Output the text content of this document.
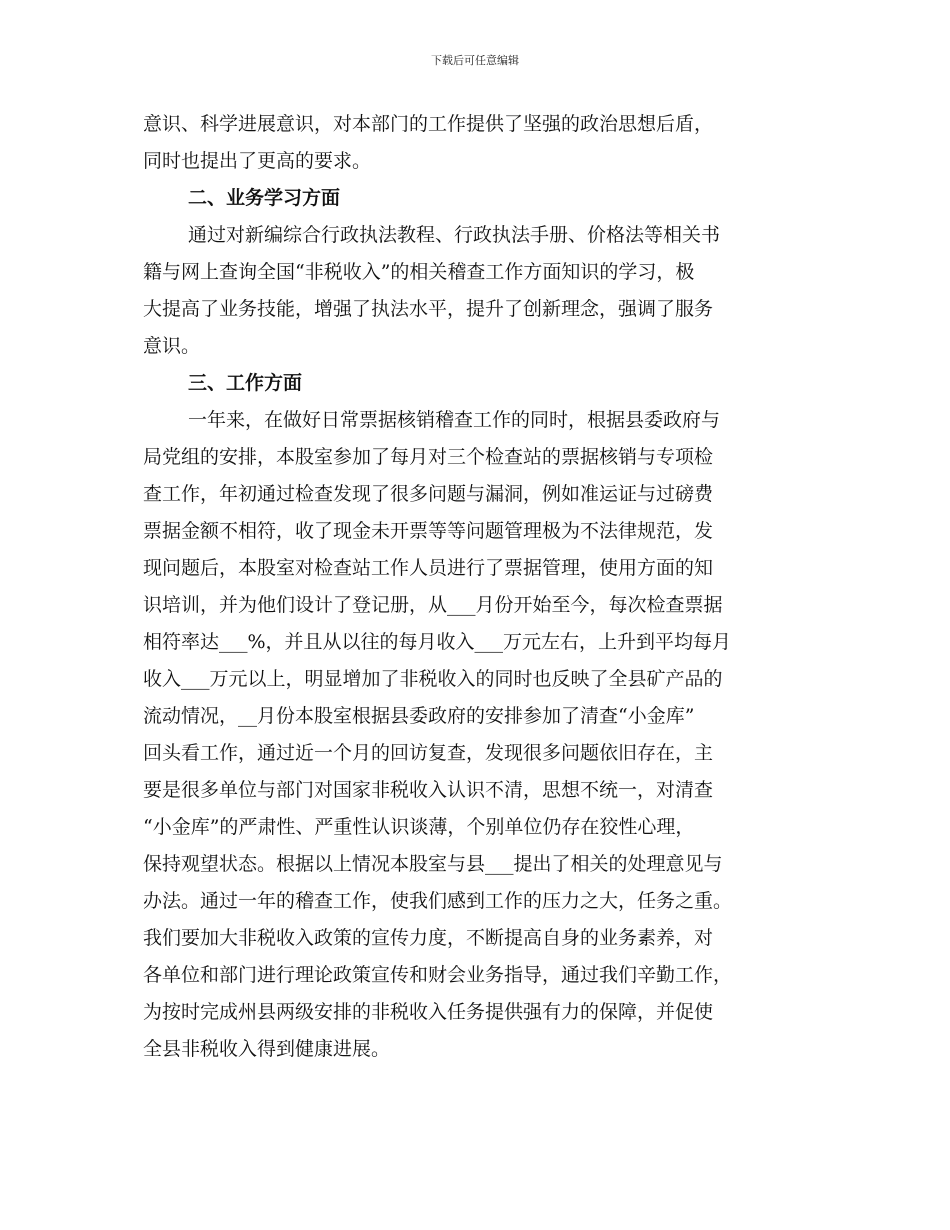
下载后可任意编辑
意识、科学进展意识，对本部门的工作提供了坚强的政治思想后盾，
同时也提出了更高的要求。
二、业务学习方面
通过对新编综合行政执法教程、行政执法手册、价格法等相关书
籍与网上查询全国“非税收入”的相关稽查工作方面知识的学习，极
大提高了业务技能，增强了执法水平，提升了创新理念，强调了服务
意识。
三、工作方面
一年来，在做好日常票据核销稽查工作的同时，根据县委政府与
局党组的安排，本股室参加了每月对三个检查站的票据核销与专项检
查工作，年初通过检查发现了很多问题与漏洞，例如准运证与过磅费
票据金额不相符，收了现金未开票等等问题管理极为不法律规范，发
现问题后，本股室对检查站工作人员进行了票据管理，使用方面的知
识培训，并为他们设计了登记册，从___月份开始至今，每次检查票据
相符率达___%，并且从以往的每月收入___万元左右，上升到平均每月
收入___万元以上，明显增加了非税收入的同时也反映了全县矿产品的
流动情况，__月份本股室根据县委政府的安排参加了清查“小金库”
回头看工作，通过近一个月的回访复查，发现很多问题依旧存在，主
要是很多单位与部门对国家非税收入认识不清，思想不统一，对清查
“小金库”的严肃性、严重性认识谈薄，个别单位仍存在狡性心理，
保持观望状态。根据以上情况本股室与县___提出了相关的处理意见与
办法。通过一年的稽查工作，使我们感到工作的压力之大，任务之重。
我们要加大非税收入政策的宣传力度，不断提高自身的业务素养，对
各单位和部门进行理论政策宣传和财会业务指导，通过我们辛勤工作，
为按时完成州县两级安排的非税收入任务提供强有力的保障，并促使
全县非税收入得到健康进展。
